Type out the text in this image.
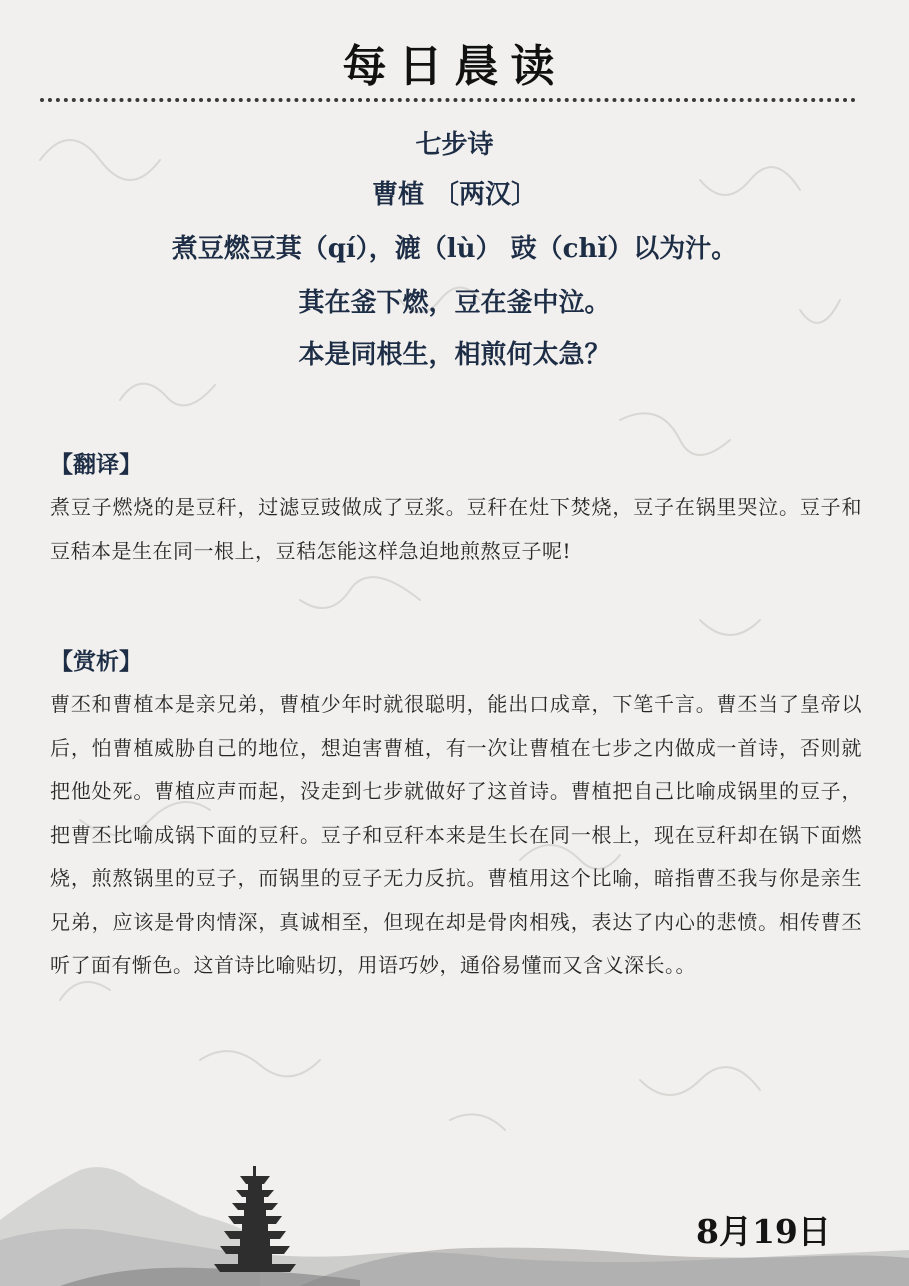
每日晨读
七步诗
曹植 〔两汉〕
煮豆燃豆萁（qí），漉（lù） 豉（chǐ）以为汁。
萁在釜下燃，豆在釜中泣。
本是同根生，相煎何太急？
【翻译】
煮豆子燃烧的是豆秆，过滤豆豉做成了豆浆。豆秆在灶下焚烧，豆子在锅里哭泣。豆子和豆秸本是生在同一根上，豆秸怎能这样急迫地煎熬豆子呢!
【赏析】
曹丕和曹植本是亲兄弟，曹植少年时就很聪明，能出口成章，下笔千言。曹丕当了皇帝以后，怕曹植威胁自己的地位，想迫害曹植，有一次让曹植在七步之内做成一首诗，否则就把他处死。曹植应声而起，没走到七步就做好了这首诗。曹植把自己比喻成锅里的豆子，把曹丕比喻成锅下面的豆秆。豆子和豆秆本来是生长在同一根上，现在豆秆却在锅下面燃烧，煎熬锅里的豆子，而锅里的豆子无力反抗。曹植用这个比喻，暗指曹丕我与你是亲生兄弟，应该是骨肉情深，真诚相至，但现在却是骨肉相残，表达了内心的悲愤。相传曹丕听了面有惭色。这首诗比喻贴切，用语巧妙，通俗易懂而又含义深长。。
8月19日
